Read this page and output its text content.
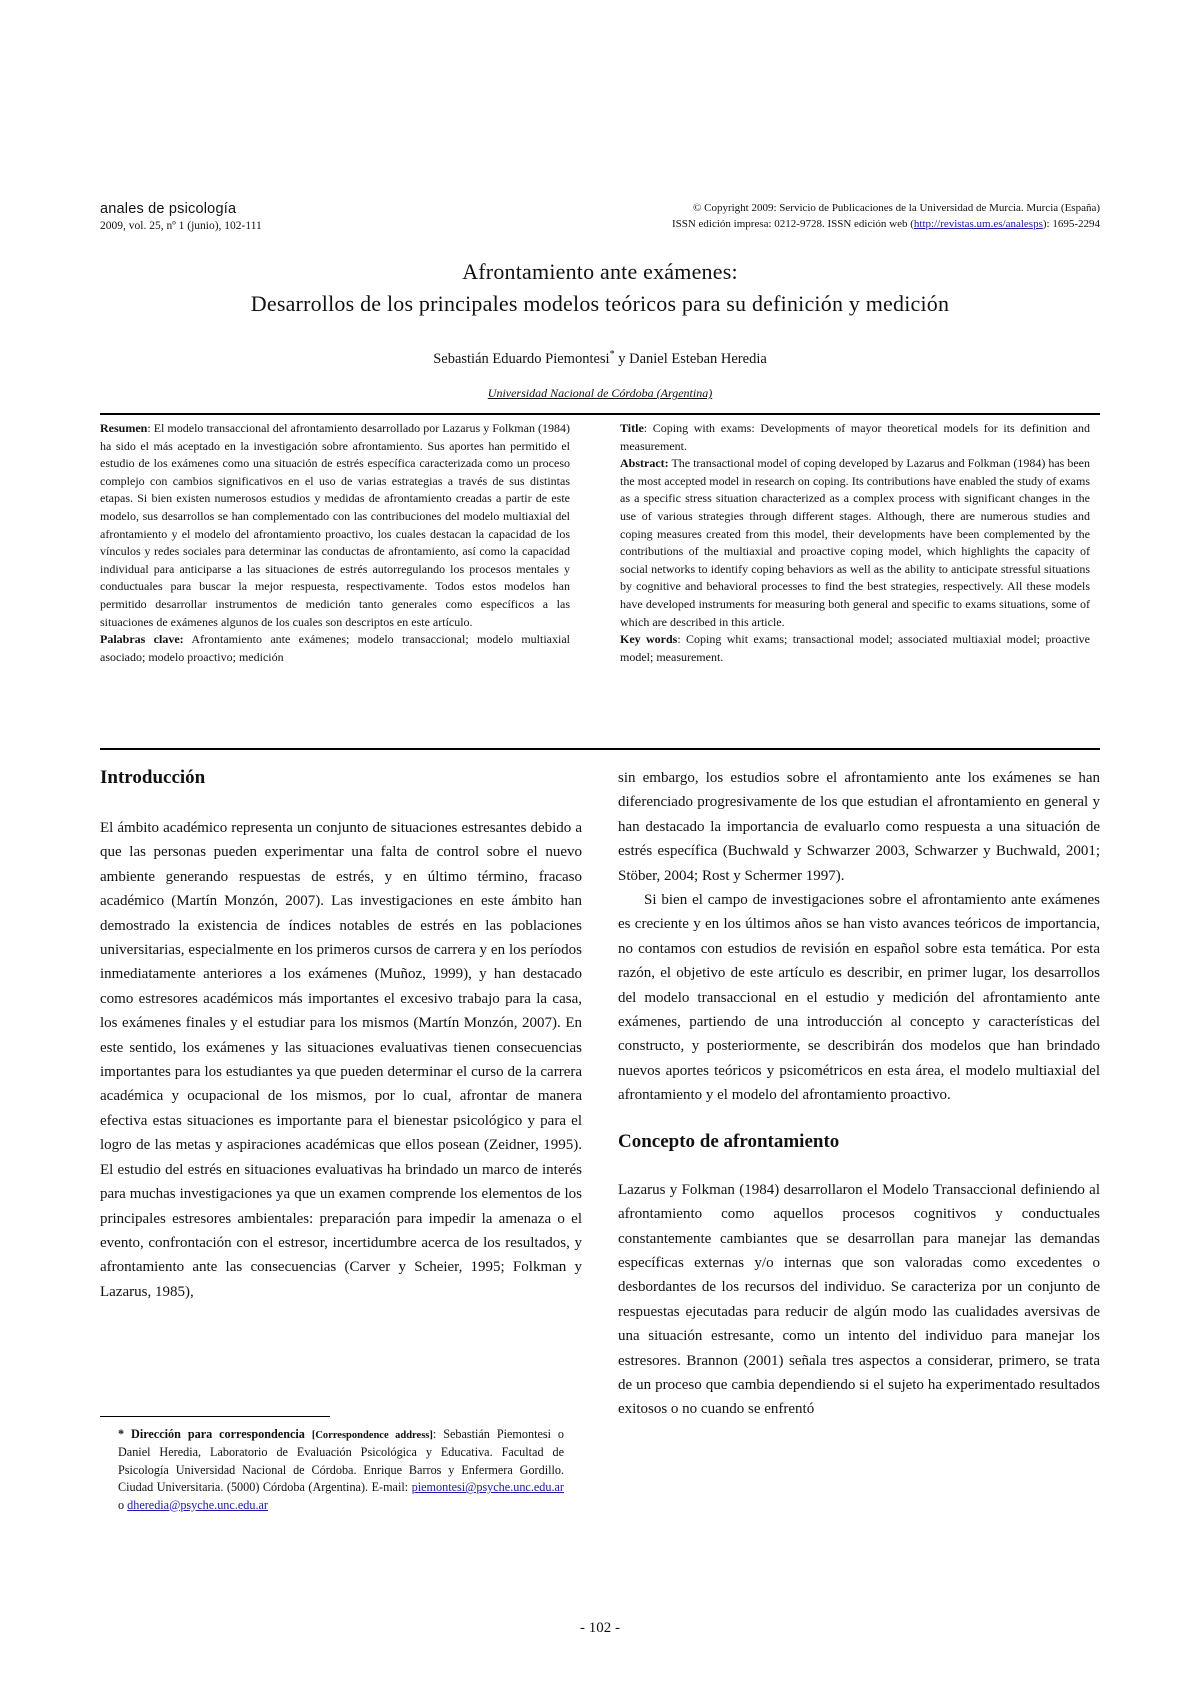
anales de psicología
2009, vol. 25, nº 1 (junio), 102-111
© Copyright 2009: Servicio de Publicaciones de la Universidad de Murcia. Murcia (España)
ISSN edición impresa: 0212-9728. ISSN edición web (http://revistas.um.es/analesps): 1695-2294
Afrontamiento ante exámenes:
Desarrollos de los principales modelos teóricos para su definición y medición
Sebastián Eduardo Piemontesi* y Daniel Esteban Heredia
Universidad Nacional de Córdoba (Argentina)

Resumen: El modelo transaccional del afrontamiento desarrollado por Lazarus y Folkman (1984) ha sido el más aceptado en la investigación sobre afrontamiento. Sus aportes han permitido el estudio de los exámenes como una situación de estrés específica caracterizada como un proceso complejo con cambios significativos en el uso de varias estrategias a través de sus distintas etapas. Si bien existen numerosos estudios y medidas de afrontamiento creadas a partir de este modelo, sus desarrollos se han complementado con las contribuciones del modelo multiaxial del afrontamiento y el modelo del afrontamiento proactivo, los cuales destacan la capacidad de los vínculos y redes sociales para determinar las conductas de afrontamiento, así como la capacidad individual para anticiparse a las situaciones de estrés autorregulando los procesos mentales y conductuales para buscar la mejor respuesta, respectivamente. Todos estos modelos han permitido desarrollar instrumentos de medición tanto generales como específicos a las situaciones de exámenes algunos de los cuales son descriptos en este artículo.

Palabras clave: Afrontamiento ante exámenes; modelo transaccional; modelo multiaxial asociado; modelo proactivo; medición

Title: Coping with exams: Developments of mayor theoretical models for its definition and measurement.

Abstract: The transactional model of coping developed by Lazarus and Folkman (1984) has been the most accepted model in research on coping. Its contributions have enabled the study of exams as a specific stress situation characterized as a complex process with significant changes in the use of various strategies through different stages. Although, there are numerous studies and coping measures created from this model, their developments have been complemented by the contributions of the multiaxial and proactive coping model, which highlights the capacity of social networks to identify coping behaviors as well as the ability to anticipate stressful situations by cognitive and behavioral processes to find the best strategies, respectively. All these models have developed instruments for measuring both general and specific to exams situations, some of which are described in this article.

Key words: Coping whit exams; transactional model; associated multiaxial model; proactive model; measurement.

Introducción

El ámbito académico representa un conjunto de situaciones estresantes debido a que las personas pueden experimentar una falta de control sobre el nuevo ambiente generando respuestas de estrés, y en último término, fracaso académico (Martín Monzón, 2007). Las investigaciones en este ámbito han demostrado la existencia de índices notables de estrés en las poblaciones universitarias, especialmente en los primeros cursos de carrera y en los períodos inmediatamente anteriores a los exámenes (Muñoz, 1999), y han destacado como estresores académicos más importantes el excesivo trabajo para la casa, los exámenes finales y el estudiar para los mismos (Martín Monzón, 2007). En este sentido, los exámenes y las situaciones evaluativas tienen consecuencias importantes para los estudiantes ya que pueden determinar el curso de la carrera académica y ocupacional de los mismos, por lo cual, afrontar de manera efectiva estas situaciones es importante para el bienestar psicológico y para el logro de las metas y aspiraciones académicas que ellos posean (Zeidner, 1995). El estudio del estrés en situaciones evaluativas ha brindado un marco de interés para muchas investigaciones ya que un examen comprende los elementos de los principales estresores ambientales: preparación para impedir la amenaza o el evento, confrontación con el estresor, incertidumbre acerca de los resultados, y afrontamiento ante las consecuencias (Carver y Scheier, 1995; Folkman y Lazarus, 1985),

* Dirección para correspondencia [Correspondence address]: Sebastián Piemontesi o Daniel Heredia, Laboratorio de Evaluación Psicológica y Educativa. Facultad de Psicología Universidad Nacional de Córdoba. Enrique Barros y Enfermera Gordillo. Ciudad Universitaria. (5000) Córdoba (Argentina). E-mail: piemontesi@psyche.unc.edu.ar o dheredia@psyche.unc.edu.ar

sin embargo, los estudios sobre el afrontamiento ante los exámenes se han diferenciado progresivamente de los que estudian el afrontamiento en general y han destacado la importancia de evaluarlo como respuesta a una situación de estrés específica (Buchwald y Schwarzer 2003, Schwarzer y Buchwald, 2001; Stöber, 2004; Rost y Schermer 1997).

Si bien el campo de investigaciones sobre el afrontamiento ante exámenes es creciente y en los últimos años se han visto avances teóricos de importancia, no contamos con estudios de revisión en español sobre esta temática. Por esta razón, el objetivo de este artículo es describir, en primer lugar, los desarrollos del modelo transaccional en el estudio y medición del afrontamiento ante exámenes, partiendo de una introducción al concepto y características del constructo, y posteriormente, se describirán dos modelos que han brindado nuevos aportes teóricos y psicométricos en esta área, el modelo multiaxial del afrontamiento y el modelo del afrontamiento proactivo.

Concepto de afrontamiento

Lazarus y Folkman (1984) desarrollaron el Modelo Transaccional definiendo al afrontamiento como aquellos procesos cognitivos y conductuales constantemente cambiantes que se desarrollan para manejar las demandas específicas externas y/o internas que son valoradas como excedentes o desbordantes de los recursos del individuo. Se caracteriza por un conjunto de respuestas ejecutadas para reducir de algún modo las cualidades aversivas de una situación estresante, como un intento del individuo para manejar los estresores. Brannon (2001) señala tres aspectos a considerar, primero, se trata de un proceso que cambia dependiendo si el sujeto ha experimentado resultados exitosos o no cuando se enfrentó

- 102 -
